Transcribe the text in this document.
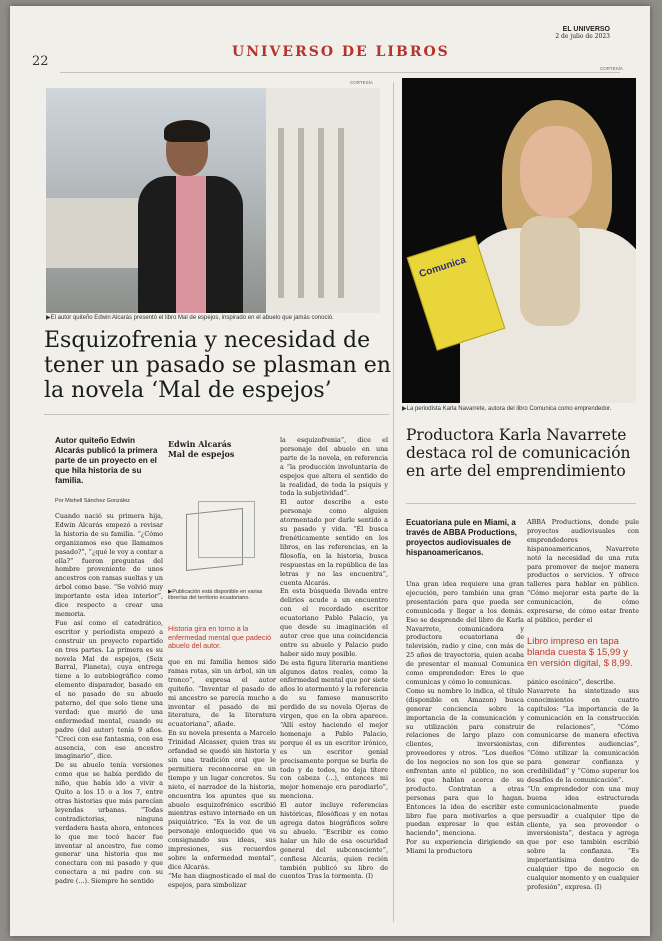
EL UNIVERSO
2 de julio de 2023
22
UNIVERSO DE LIBROS
CORTESÍA
▶El autor quiteño Edwin Alcarás presentó el libro Mal de espejos, inspirado en el abuelo que jamás conoció.
Comunica
CORTESÍA
▶La periodista Karla Navarrete, autora del libro Comunica como emprendedor.
Esquizofrenia y necesidad de tener un pasado se plasman en la novela ‘Mal de espejos’
Autor quiteño Edwin Alcarás publicó la primera parte de un proyecto en el que hila historia de su familia.
Por Mishell Sánchez González
Cuando nació su primera hija, Edwin Alcarás empezó a revisar la historia de su familia. “¿Cómo organizamos eso que llamamos pasado?”, “¿qué le voy a contar a ella?” fueron preguntas del hombre proveniente de unos ancestros con ramas sueltas y un árbol como base. “Se volvió muy importante esta idea interior”, dice respecto a crear una memoria.
Fue así como el catedrático, escritor y periodista empezó a construir un proyecto repartido en tres partes. La primera es su novela Mal de espejos, (Seix Barral, Planeta), cuya entrega tiene a lo autobiográfico como elemento disparador, basado en el no pasado de su abuelo paterno, del que solo tiene una verdad: que murió de una enfermedad mental, cuando su padre (del autor) tenía 9 años. “Creci con ese fantasma, con esa ausencia, con ese ancestro imaginario”, dice.
De su abuelo tenía versiones como que se había perdido de niño, que había ido a vivir a Quito a los 15 o a los 7, entre otras historias que más parecían leyendas urbanas. “Todas contradictorias, ninguna verdadera hasta ahora, entonces lo que me tocó hacer fue inventar al ancestro, fue como generar una historia que me conectara con mi pasado y que conectara a mi padre con su padre (...). Siempre he sentido
Edwin Alcarás
Mal de espejos
▶Publicación está disponible en varias librerías del territorio ecuatoriano.
Historia gira en torno a la enfermedad mental que padeció abuelo del autor.
que en mi familia hemos sido ramas rotas, sin un árbol, sin un tronco”, expresa el autor quiteño. “Inventar el pasado de mi ancestro se parecía mucho a inventar el pasado de mi literatura, de la literatura ecuatoriana”, añade.
En su novela presenta a Marcelo Trinidad Alcasser, quien tras su orfandad se quedó sin historia y sin una tradición oral que le permitiera reconocerse en un tiempo y un lugar concretos. Su nieto, el narrador de la historia, encuentra los apuntes que su abuelo esquizofrénico escribió mientras estuvo internado en un psiquiátrico. “Es la voz de un personaje enloquecido que va consignando sus ideas, sus impresiones, sus recuerdos sobre la enfermedad mental”, dice Alcarás.
“Me han diagnosticado el mal de espejos, para simbolizar
la esquizofrenia”, dice el personaje del abuelo en una parte de la novela, en referencia a “la producción involuntaria de espejos que altera el sentido de la realidad, de toda la psiquis y toda la subjetividad”.
El autor describe a este personaje como alguien atormentado por darle sentido a su pasado y vida. “Él busca frenéticamente sentido en los libros, en las referencias, en la filosofía, en la historia, busca respuestas en la república de las letras y no las encuentra”, cuenta Alcarás.
En esta búsqueda llevada entre delirios acude a un encuentro con el recordado escritor ecuatoriano Pablo Palacio, ya que desde su imaginación el autor cree que una coincidencia entre su abuelo y Palacio pudo haber sido muy posible.
De esta figura literaria mantiene algunos datos reales, como la enfermedad mental que por siete años lo atormentó y la referencia de su famoso manuscrito perdido de su novela Ojeras de virgen, que en la obra aparece. “Allí estoy haciendo el mejor homenaje a Pablo Palacio, porque él es un escritor irónico, es un escritor genial precisamente porque se burla de todo y de todos, no deja títere con cabeza (...), entonces mi mejor homenaje era parodiarlo”, menciona.
El autor incluye referencias históricas, filosóficas y en notas agrega datos biográficos sobre su abuelo. “Escribir es como halar un hilo de esa oscuridad general del subconsciente”, confiesa Alcarás, quien recién también publicó su libro de cuentos Tras la tormenta. (I)
Productora Karla Navarrete destaca rol de comunicación en arte del emprendimiento
Ecuatoriana pule en Miami, a través de ABBA Productions, proyectos audiovisuales de hispanoamericanos.
Una gran idea requiere una gran ejecución, pero también una gran presentación para que pueda ser comunicada y llegar a los demás. Eso se desprende del libro de Karla Navarrete, comunicadora y productora ecuatoriana de televisión, radio y cine, con más de 25 años de trayectoria, quien acaba de presentar el manual Comunica como emprendedor: Eres lo que comunicas y cómo lo comunicas.
Como su nombre lo indica, el título (disponible en Amazon) busca generar conciencia sobre la importancia de la comunicación y su utilización para construir relaciones de largo plazo con clientes, inversionistas, proveedores y otros. “Los dueños de los negocios no son los que se enfrentan ante el público, no son los que hablan acerca de su producto. Contratan a otras personas para que lo hagan. Entonces la idea de escribir este libro fue para motivarlos a que puedan expresar lo que están haciendo”, menciona.
Por su experiencia dirigiendo en Miami la productora
ABBA Productions, donde pule proyectos audiovisuales con emprendedores hispanoamericanos, Navarrete notó la necesidad de una ruta para promover de mejor manera productos o servicios. Y ofrece talleres para hablar en público. “Cómo mejorar esta parte de la comunicación, de cómo expresarse, de cómo estar frente al público, perder el
Libro impreso en tapa blanda cuesta $ 15,99 y en versión digital, $ 8,99.
pánico escénico”, describe.
Navarrete ha sintetizado sus conocimientos en cuatro capítulos: “La importancia de la comunicación en la construcción de relaciones”, “Cómo comunicarse de manera efectiva con diferentes audiencias”, “Cómo utilizar la comunicación para generar confianza y credibilidad” y “Cómo superar los desafíos de la comunicación”.
“Un emprendedor con una muy buena idea estructurada comunicacionalmente puede persuadir a cualquier tipo de cliente, ya sea proveedor o inversionista”, destaca y agrega que por eso también escribió sobre la confianza. “Es importantísima dentro de cualquier tipo de negocio en cualquier momento y en cualquier profesión”, expresa. (I)
